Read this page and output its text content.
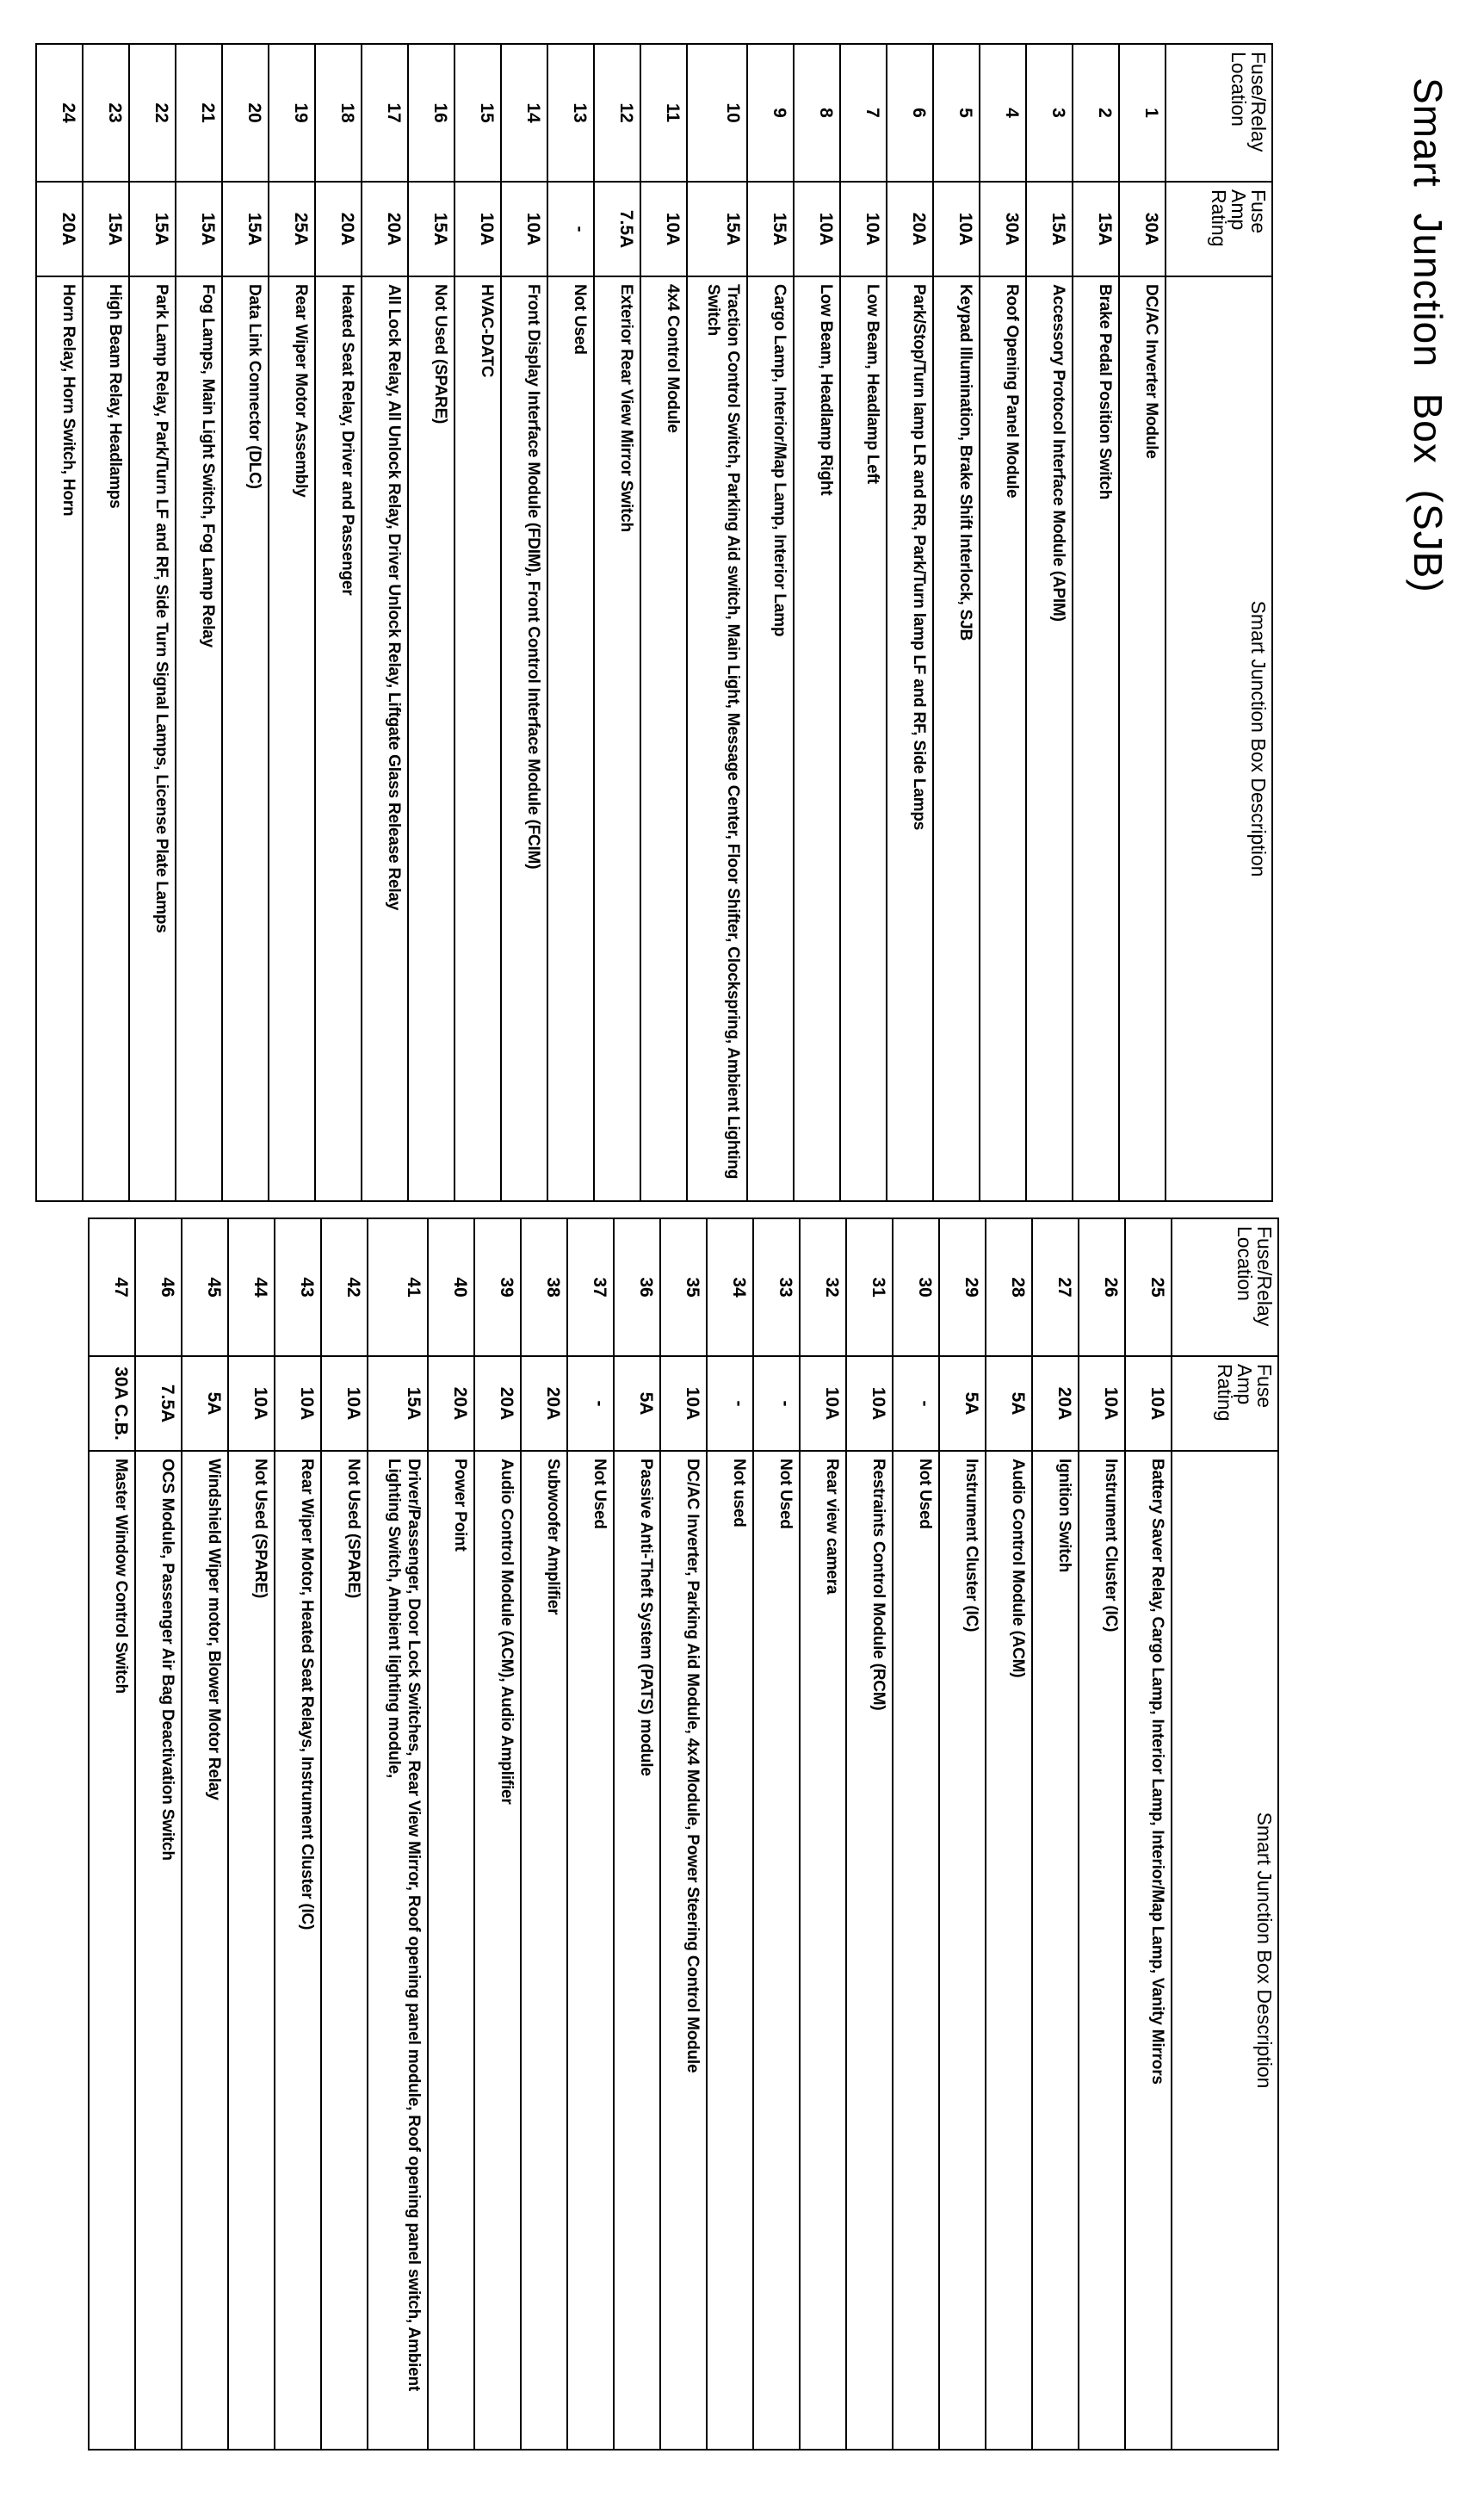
Smart Junction Box (SJB)
Fuse/Relay Location	Fuse Amp Rating	Smart Junction Box Description
1	30A	DC/AC Inverter Module
2	15A	Brake Pedal Position Switch
3	15A	Accessory Protocol Interface Module (APIM)
4	30A	Roof Opening Panel Module
5	10A	Keypad Illumination, Brake Shift Interlock, SJB
6	20A	Park/Stop/Turn lamp LR and RR, Park/Turn lamp LF and RF, Side Lamps
7	10A	Low Beam, Headlamp Left
8	10A	Low Beam, Headlamp Right
9	15A	Cargo Lamp, Interior/Map Lamp, Interior Lamp
10	15A	Traction Control Switch, Parking Aid switch, Main Light, Message Center, Floor Shifter, Clockspring, Ambient Lighting Switch
11	10A	4x4 Control Module
12	7.5A	Exterior Rear View Mirror Switch
13	-	Not Used
14	10A	Front Display Interface Module (FDIM), Front Control Interface Module (FCIM)
15	10A	HVAC-DATC
16	15A	Not Used (SPARE)
17	20A	All Lock Relay, All Unlock Relay, Driver Unlock Relay, Liftgate Glass Release Relay
18	20A	Heated Seat Relay, Driver and Passenger
19	25A	Rear Wiper Motor Assembly
20	15A	Data Link Connector (DLC)
21	15A	Fog Lamps, Main Light Switch, Fog Lamp Relay
22	15A	Park Lamp Relay, Park/Turn LF and RF, Side Turn Signal Lamps, License Plate Lamps
23	15A	High Beam Relay, Headlamps
24	20A	Horn Relay, Horn Switch, Horn
Fuse/Relay Location	Fuse Amp Rating	Smart Junction Box Description
25	10A	Battery Saver Relay, Cargo Lamp, Interior Lamp, Interior/Map Lamp, Vanity Mirrors
26	10A	Instrument Cluster (IC)
27	20A	Ignition Switch
28	5A	Audio Control Module (ACM)
29	5A	Instrument Cluster (IC)
30	-	Not Used
31	10A	Restraints Control Module (RCM)
32	10A	Rear view camera
33	-	Not Used
34	-	Not used
35	10A	DC/AC Inverter, Parking Aid Module, 4x4 Module, Power Steering Control Module
36	5A	Passive Anti-Theft System (PATS) module
37	-	Not Used
38	20A	Subwoofer Amplifier
39	20A	Audio Control Module (ACM), Audio Amplifier
40	20A	Power Point
41	15A	Driver/Passenger, Door Lock Switches, Rear View Mirror, Roof opening panel module, Roof opening panel switch, Ambient Lighting Switch, Ambient lighting module,
42	10A	Not Used (SPARE)
43	10A	Rear Wiper Motor, Heated Seat Relays, Instrument Cluster (IC)
44	10A	Not Used (SPARE)
45	5A	Windshield Wiper motor, Blower Motor Relay
46	7.5A	OCS Module, Passenger Air Bag Deactivation Switch
47	30A C.B.	Master Window Control Switch
